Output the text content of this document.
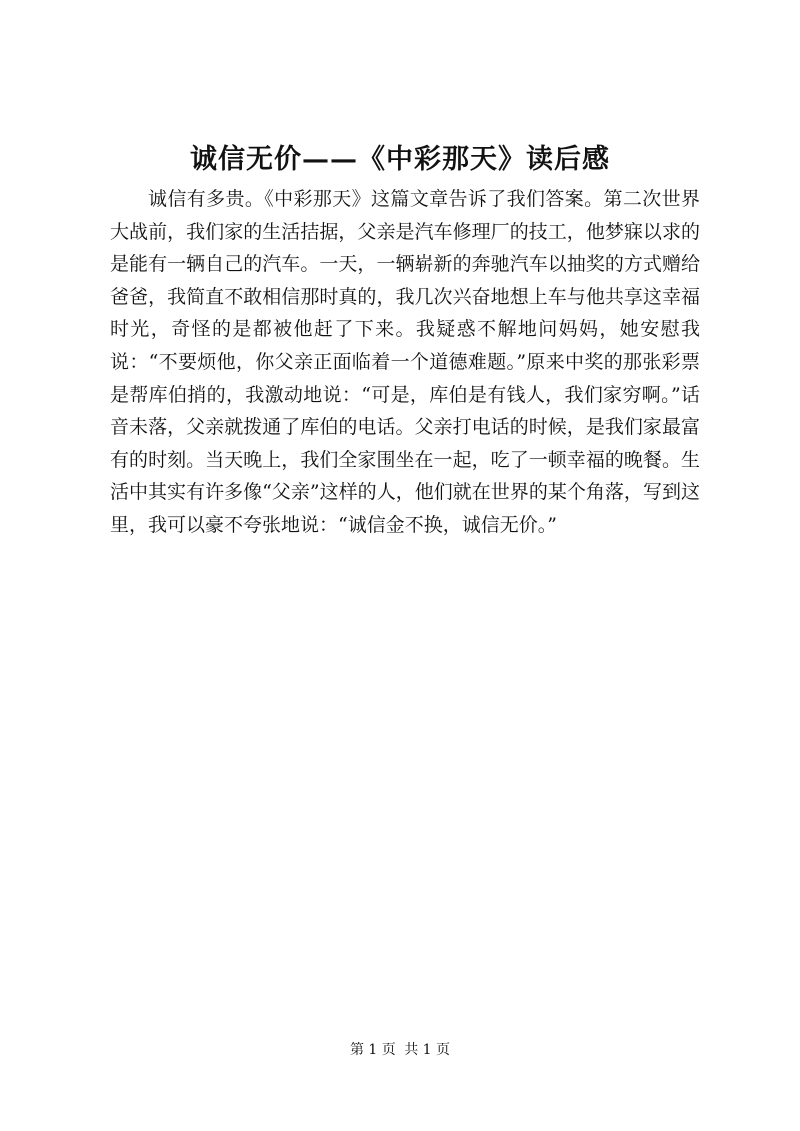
诚信无价——《中彩那天》读后感

诚信有多贵。《中彩那天》这篇文章告诉了我们答案。第二次世界大战前，我们家的生活拮据，父亲是汽车修理厂的技工，他梦寐以求的是能有一辆自己的汽车。一天，一辆崭新的奔驰汽车以抽奖的方式赠给爸爸，我简直不敢相信那时真的，我几次兴奋地想上车与他共享这幸福时光，奇怪的是都被他赶了下来。我疑惑不解地问妈妈，她安慰我说：“不要烦他，你父亲正面临着一个道德难题。”原来中奖的那张彩票是帮库伯捎的，我激动地说：“可是，库伯是有钱人，我们家穷啊。”话音未落，父亲就拨通了库伯的电话。父亲打电话的时候，是我们家最富有的时刻。当天晚上，我们全家围坐在一起，吃了一顿幸福的晚餐。生活中其实有许多像“父亲”这样的人，他们就在世界的某个角落，写到这里，我可以豪不夸张地说：“诚信金不换，诚信无价。”

第 1 页 共 1 页
